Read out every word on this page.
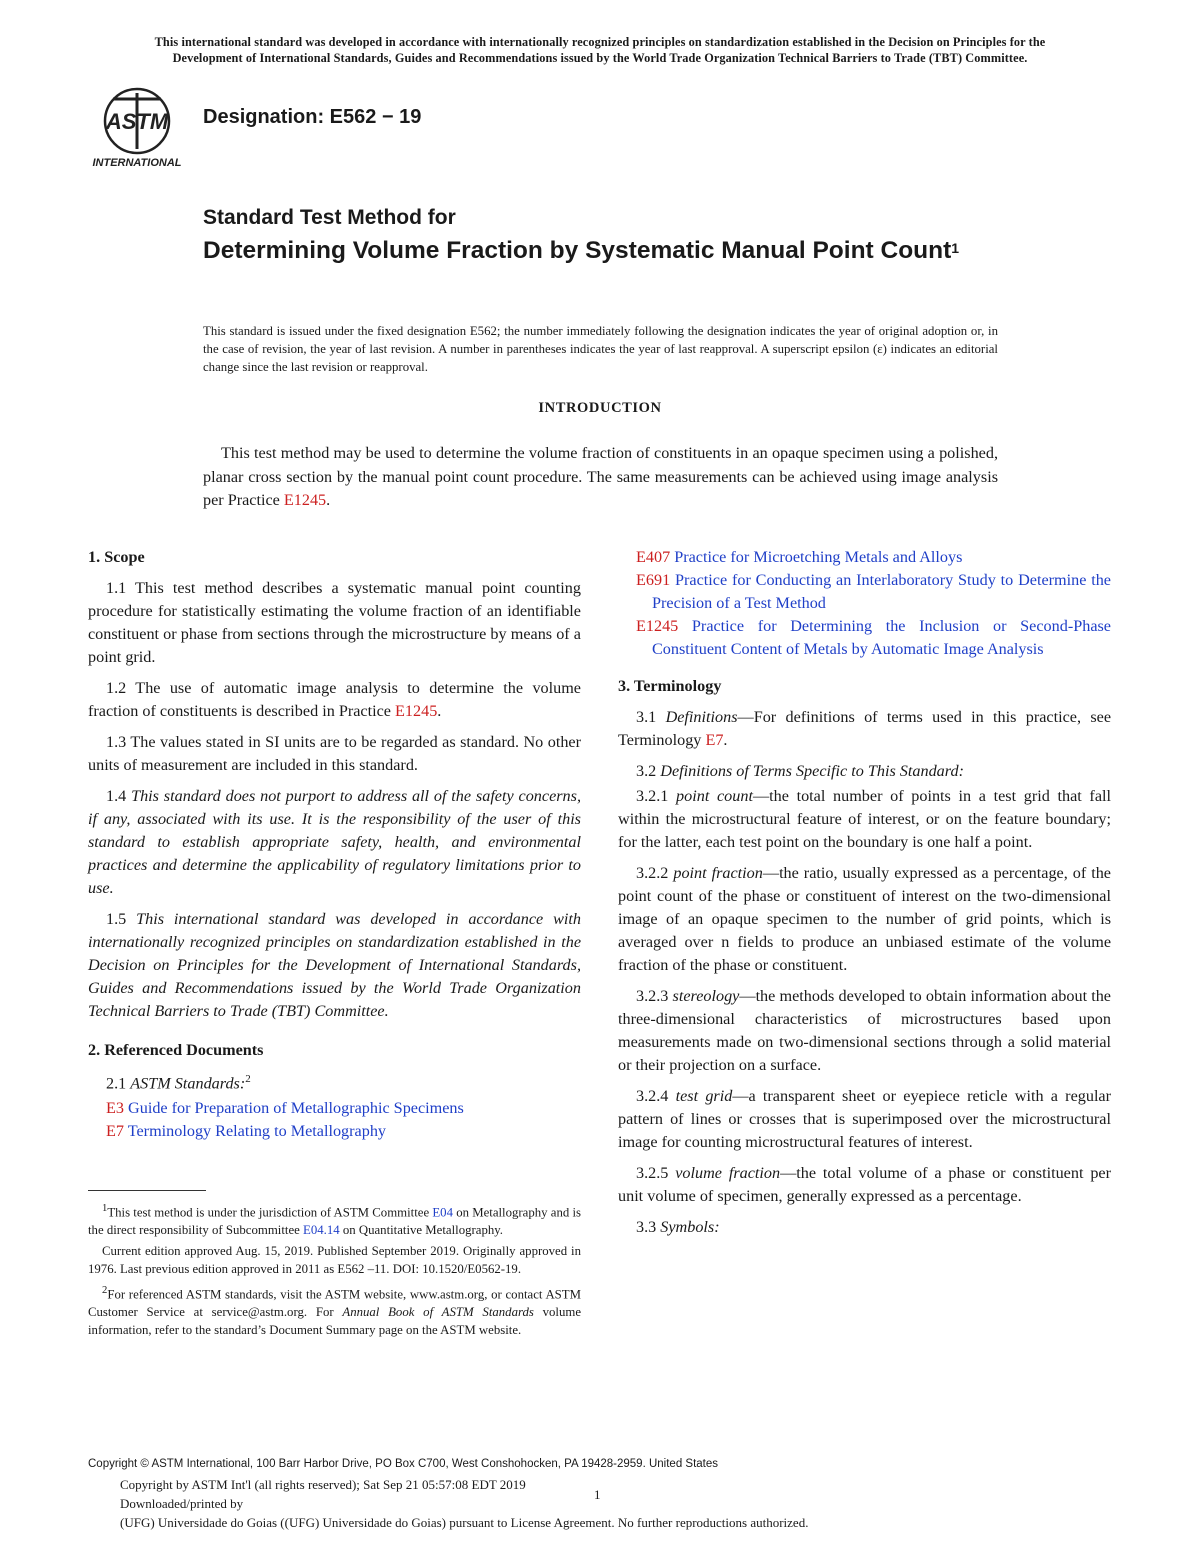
This international standard was developed in accordance with internationally recognized principles on standardization established in the Decision on Principles for the
Development of International Standards, Guides and Recommendations issued by the World Trade Organization Technical Barriers to Trade (TBT) Committee.
ASTM
INTERNATIONAL
Designation: E562 − 19
Standard Test Method for
Determining Volume Fraction by Systematic Manual Point Count$^1$
This standard is issued under the fixed designation E562; the number immediately following the designation indicates the year of original adoption or, in the case of revision, the year of last revision. A number in parentheses indicates the year of last reapproval. A superscript epsilon (ε) indicates an editorial change since the last revision or reapproval.
INTRODUCTION
This test method may be used to determine the volume fraction of constituents in an opaque specimen using a polished, planar cross section by the manual point count procedure. The same measurements can be achieved using image analysis per Practice E1245.
1. Scope

1.1 This test method describes a systematic manual point counting procedure for statistically estimating the volume fraction of an identifiable constituent or phase from sections through the microstructure by means of a point grid.

1.2 The use of automatic image analysis to determine the volume fraction of constituents is described in Practice E1245.

1.3 The values stated in SI units are to be regarded as standard. No other units of measurement are included in this standard.

1.4 This standard does not purport to address all of the safety concerns, if any, associated with its use. It is the responsibility of the user of this standard to establish appropriate safety, health, and environmental practices and determine the applicability of regulatory limitations prior to use.

1.5 This international standard was developed in accordance with internationally recognized principles on standardization established in the Decision on Principles for the Development of International Standards, Guides and Recommendations issued by the World Trade Organization Technical Barriers to Trade (TBT) Committee.

2. Referenced Documents

2.1 ASTM Standards:$^2$

E3 Guide for Preparation of Metallographic Specimens
E7 Terminology Relating to Metallography

$^1$This test method is under the jurisdiction of ASTM Committee E04 on Metallography and is the direct responsibility of Subcommittee E04.14 on Quantitative Metallography.

Current edition approved Aug. 15, 2019. Published September 2019. Originally approved in 1976. Last previous edition approved in 2011 as E562 –11. DOI: 10.1520/E0562-19.

$^2$For referenced ASTM standards, visit the ASTM website, www.astm.org, or contact ASTM Customer Service at service@astm.org. For Annual Book of ASTM Standards volume information, refer to the standard’s Document Summary page on the ASTM website.

E407 Practice for Microetching Metals and Alloys
E691 Practice for Conducting an Interlaboratory Study to Determine the Precision of a Test Method
E1245 Practice for Determining the Inclusion or Second-Phase Constituent Content of Metals by Automatic Image Analysis
3. Terminology

3.1 Definitions—For definitions of terms used in this practice, see Terminology E7.

3.2 Definitions of Terms Specific to This Standard:

3.2.1 point count—the total number of points in a test grid that fall within the microstructural feature of interest, or on the feature boundary; for the latter, each test point on the boundary is one half a point.

3.2.2 point fraction—the ratio, usually expressed as a percentage, of the point count of the phase or constituent of interest on the two-dimensional image of an opaque specimen to the number of grid points, which is averaged over n fields to produce an unbiased estimate of the volume fraction of the phase or constituent.

3.2.3 stereology—the methods developed to obtain information about the three-dimensional characteristics of microstructures based upon measurements made on two-dimensional sections through a solid material or their projection on a surface.

3.2.4 test grid—a transparent sheet or eyepiece reticle with a regular pattern of lines or crosses that is superimposed over the microstructural image for counting microstructural features of interest.

3.2.5 volume fraction—the total volume of a phase or constituent per unit volume of specimen, generally expressed as a percentage.

3.3 Symbols:

Copyright © ASTM International, 100 Barr Harbor Drive, PO Box C700, West Conshohocken, PA 19428-2959. United States
Copyright by ASTM Int'l (all rights reserved); Sat Sep 21 05:57:08 EDT 2019
Downloaded/printed by
(UFG) Universidade do Goias ((UFG) Universidade do Goias) pursuant to License Agreement. No further reproductions authorized.
1
